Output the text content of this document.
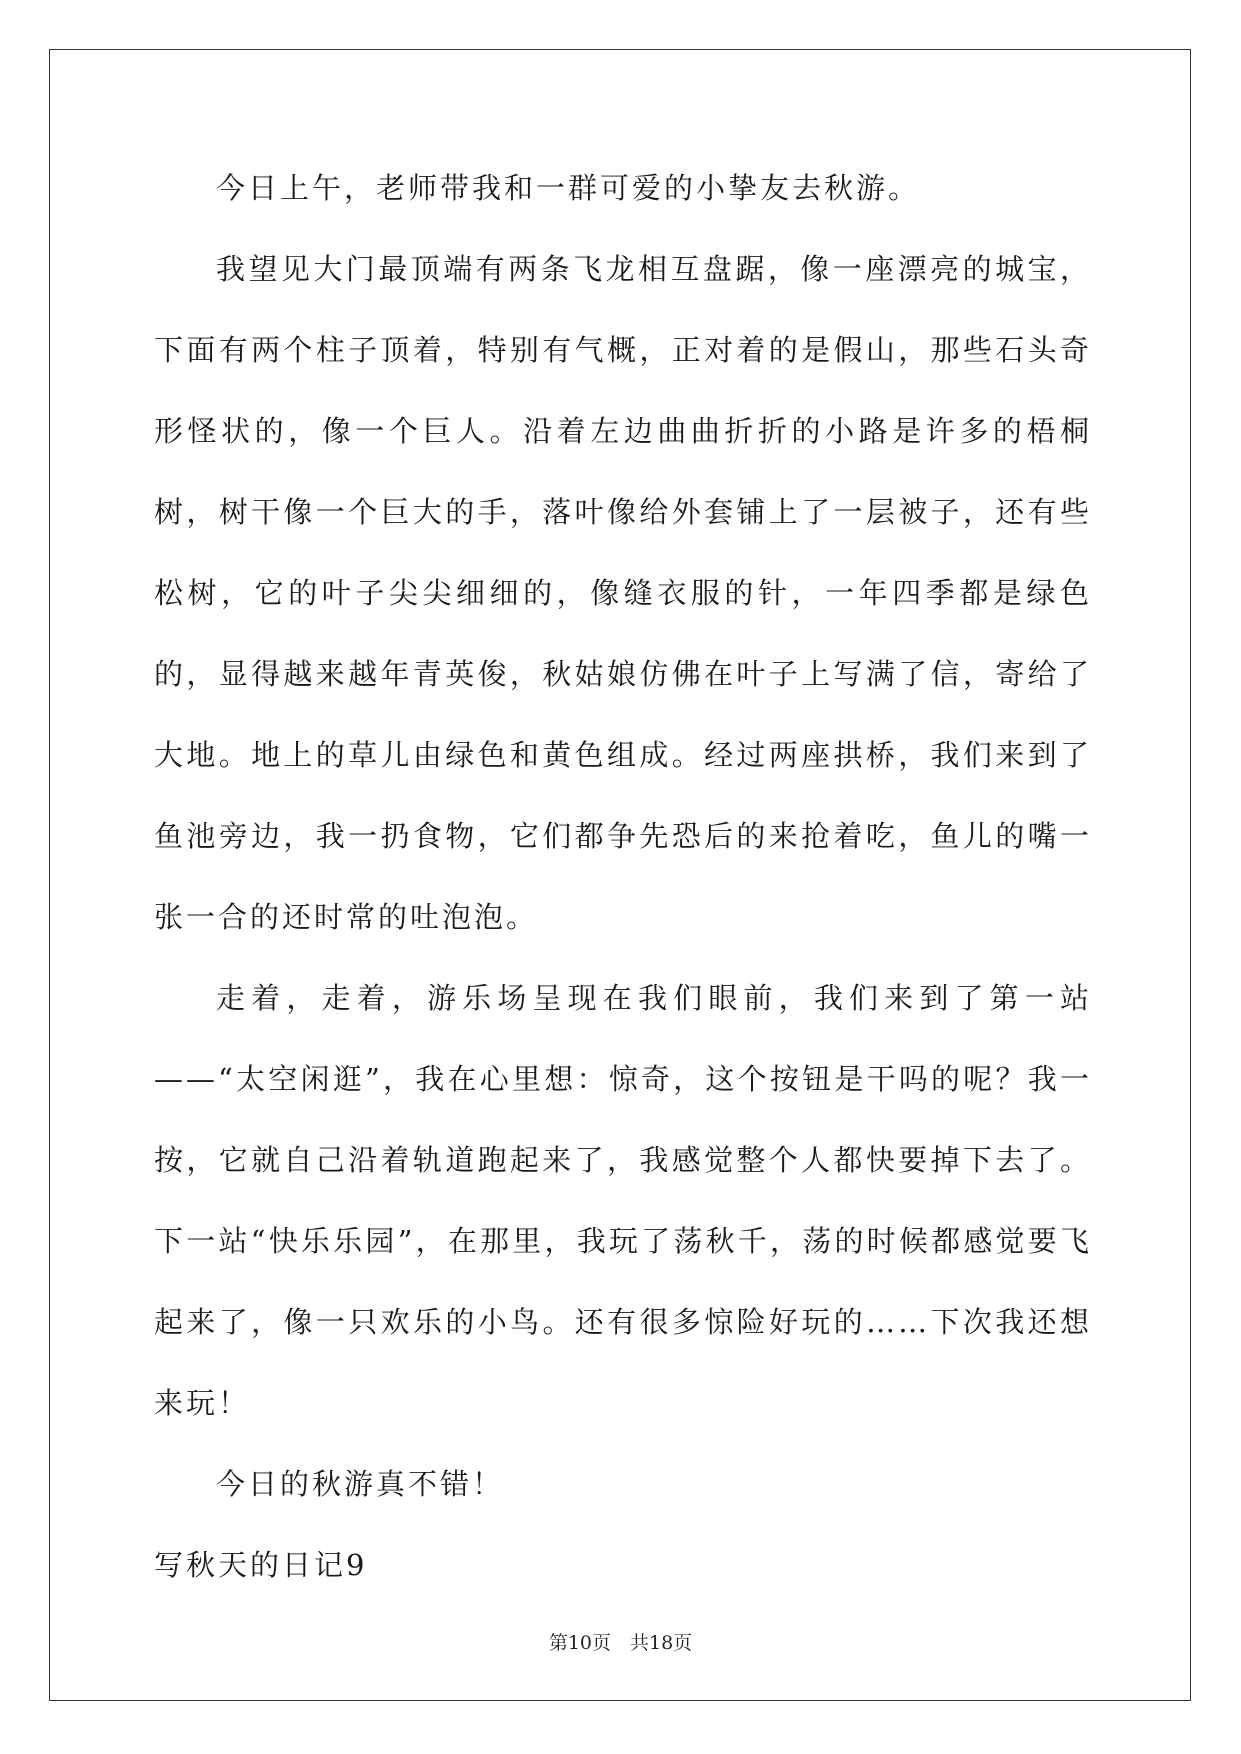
今日上午，老师带我和一群可爱的小挚友去秋游。

我望见大门最顶端有两条飞龙相互盘踞，像一座漂亮的城宝，下面有两个柱子顶着，特别有气概，正对着的是假山，那些石头奇形怪状的，像一个巨人。沿着左边曲曲折折的小路是许多的梧桐树，树干像一个巨大的手，落叶像给外套铺上了一层被子，还有些松树，它的叶子尖尖细细的，像缝衣服的针，一年四季都是绿色的，显得越来越年青英俊，秋姑娘仿佛在叶子上写满了信，寄给了大地。地上的草儿由绿色和黄色组成。经过两座拱桥，我们来到了鱼池旁边，我一扔食物，它们都争先恐后的来抢着吃，鱼儿的嘴一张一合的还时常的吐泡泡。

走着，走着，游乐场呈现在我们眼前，我们来到了第一站——“太空闲逛”，我在心里想：惊奇，这个按钮是干吗的呢？我一按，它就自己沿着轨道跑起来了，我感觉整个人都快要掉下去了。下一站“快乐乐园”，在那里，我玩了荡秋千，荡的时候都感觉要飞起来了，像一只欢乐的小鸟。还有很多惊险好玩的……下次我还想来玩！

今日的秋游真不错！

写秋天的日记9

第10页　共18页
